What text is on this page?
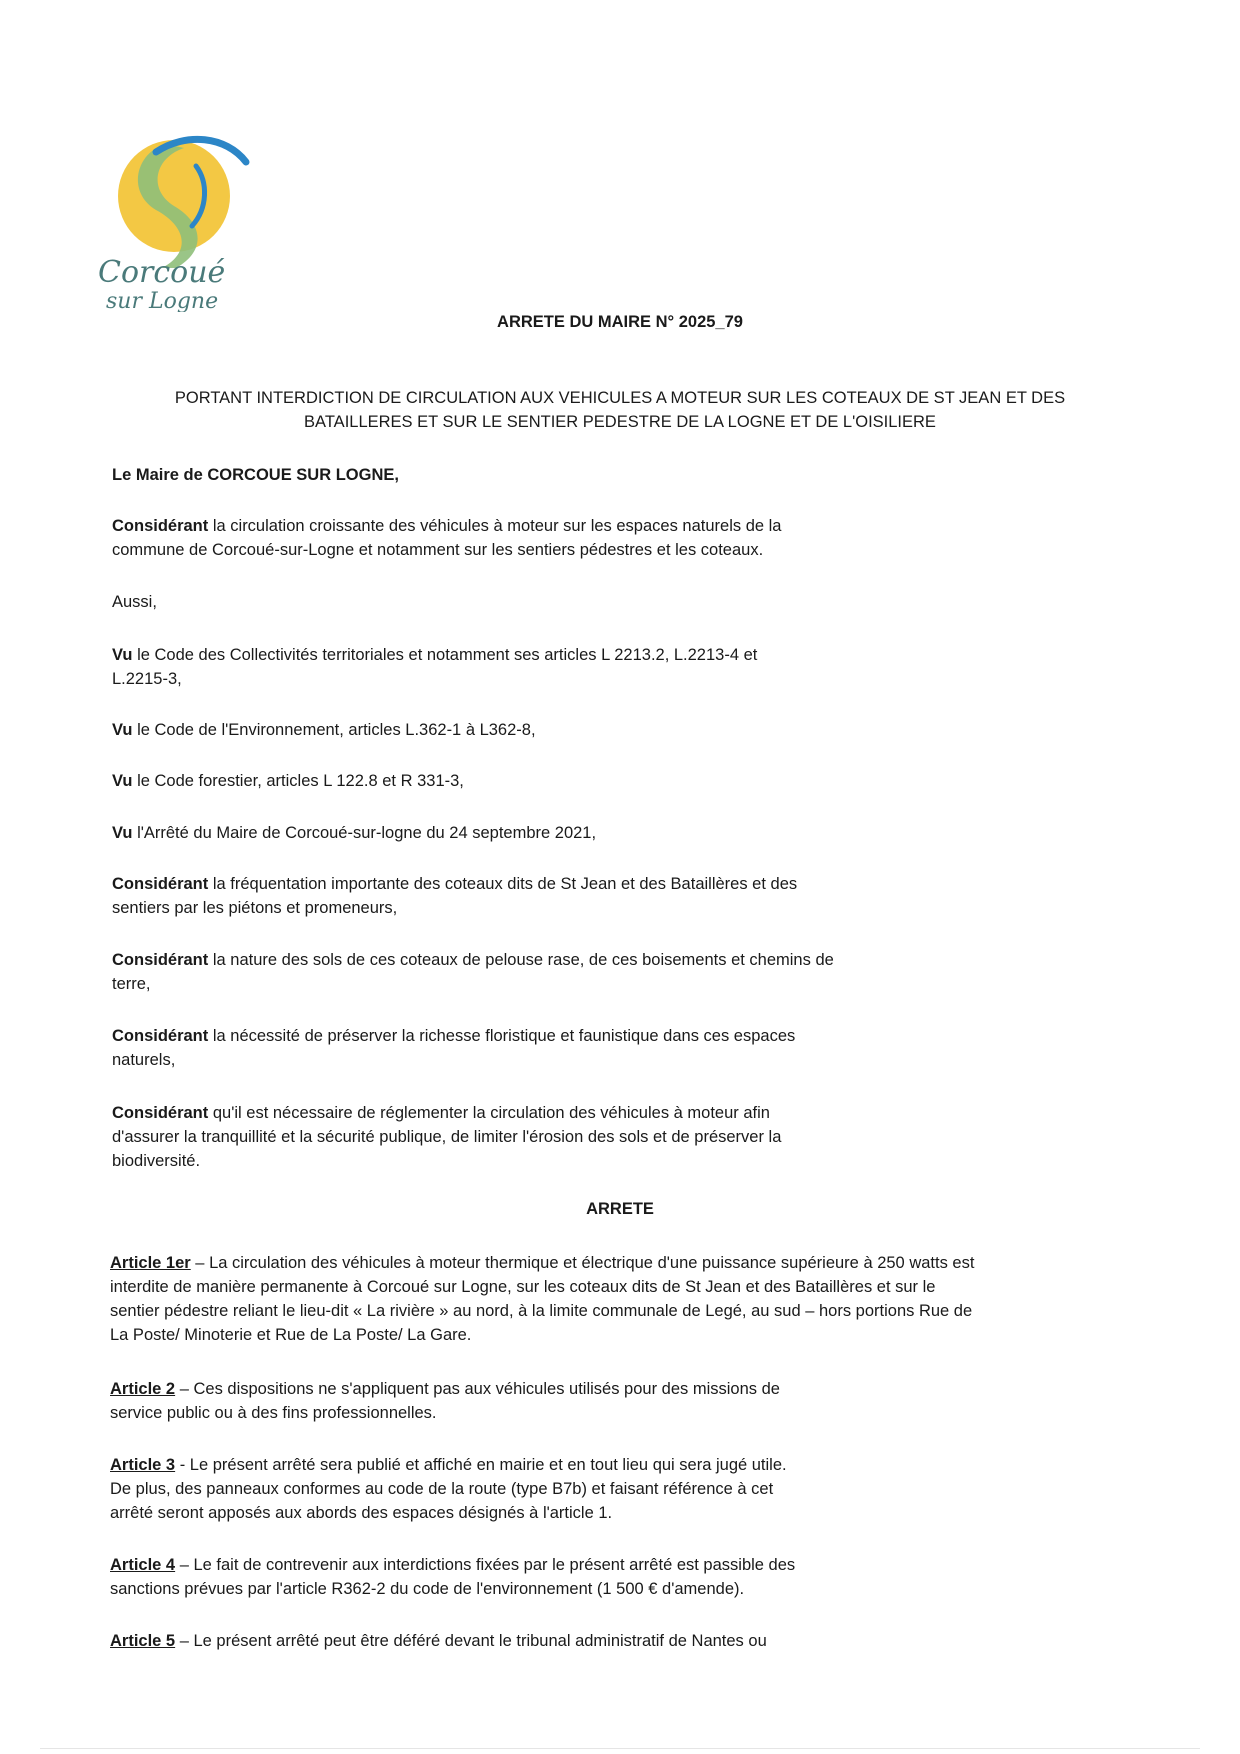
Corcoué
sur Logne
ARRETE DU MAIRE N° 2025_79
PORTANT INTERDICTION DE CIRCULATION AUX VEHICULES A MOTEUR SUR LES COTEAUX DE ST JEAN ET DES
BATAILLERES ET SUR LE SENTIER PEDESTRE DE LA LOGNE ET DE L'OISILIERE
Le Maire de CORCOUE SUR LOGNE,
Considérant la circulation croissante des véhicules à moteur sur les espaces naturels de la
commune de Corcoué-sur-Logne et notamment sur les sentiers pédestres et les coteaux.
Aussi,
Vu le Code des Collectivités territoriales et notamment ses articles L 2213.2, L.2213-4 et
L.2215-3,
Vu le Code de l'Environnement, articles L.362-1 à L362-8,
Vu le Code forestier, articles L 122.8 et R 331-3,
Vu l'Arrêté du Maire de Corcoué-sur-logne du 24 septembre 2021,
Considérant la fréquentation importante des coteaux dits de St Jean et des Bataillères et des
sentiers par les piétons et promeneurs,
Considérant la nature des sols de ces coteaux de pelouse rase, de ces boisements et chemins de
terre,
Considérant la nécessité de préserver la richesse floristique et faunistique dans ces espaces
naturels,
Considérant qu'il est nécessaire de réglementer la circulation des véhicules à moteur afin
d'assurer la tranquillité et la sécurité publique, de limiter l'érosion des sols et de préserver la
biodiversité.
ARRETE
Article 1er – La circulation des véhicules à moteur thermique et électrique d'une puissance supérieure à 250 watts est
interdite de manière permanente à Corcoué sur Logne, sur les coteaux dits de St Jean et des Bataillères et sur le
sentier pédestre reliant le lieu-dit « La rivière » au nord, à la limite communale de Legé, au sud – hors portions Rue de
La Poste/ Minoterie et Rue de La Poste/ La Gare.
Article 2 – Ces dispositions ne s'appliquent pas aux véhicules utilisés pour des missions de
service public ou à des fins professionnelles.
Article 3 - Le présent arrêté sera publié et affiché en mairie et en tout lieu qui sera jugé utile.
De plus, des panneaux conformes au code de la route (type B7b) et faisant référence à cet
arrêté seront apposés aux abords des espaces désignés à l'article 1.
Article 4 – Le fait de contrevenir aux interdictions fixées par le présent arrêté est passible des
sanctions prévues par l'article R362-2 du code de l'environnement (1 500 € d'amende).
Article 5 – Le présent arrêté peut être déféré devant le tribunal administratif de Nantes ou
